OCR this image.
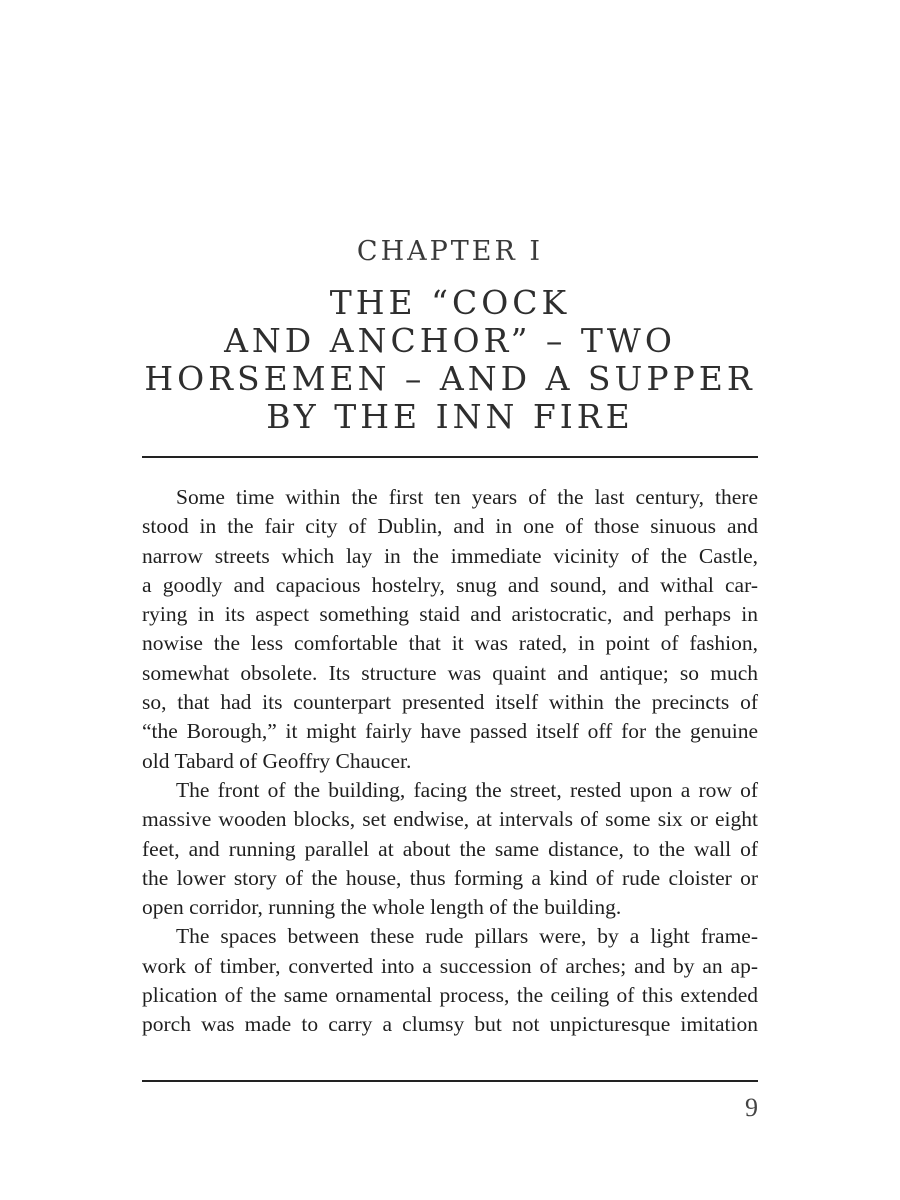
CHAPTER I
THE “COCK
AND ANCHOR” – TWO
HORSEMEN – AND A SUPPER
BY THE INN FIRE
Some time within the first ten years of the last century, there
stood in the fair city of Dublin, and in one of those sinuous and
narrow streets which lay in the immediate vicinity of the Castle,
a goodly and capacious hostelry, snug and sound, and withal car-
rying in its aspect something staid and aristocratic, and perhaps in
nowise the less comfortable that it was rated, in point of fashion,
somewhat obsolete. Its structure was quaint and antique; so much
so, that had its counterpart presented itself within the precincts of
“the Borough,” it might fairly have passed itself off for the genuine
old Tabard of Geoffry Chaucer.
The front of the building, facing the street, rested upon a row of
massive wooden blocks, set endwise, at intervals of some six or eight
feet, and running parallel at about the same distance, to the wall of
the lower story of the house, thus forming a kind of rude cloister or
open corridor, running the whole length of the building.
The spaces between these rude pillars were, by a light frame-
work of timber, converted into a succession of arches; and by an ap-
plication of the same ornamental process, the ceiling of this extended
porch was made to carry a clumsy but not unpicturesque imitation
9
